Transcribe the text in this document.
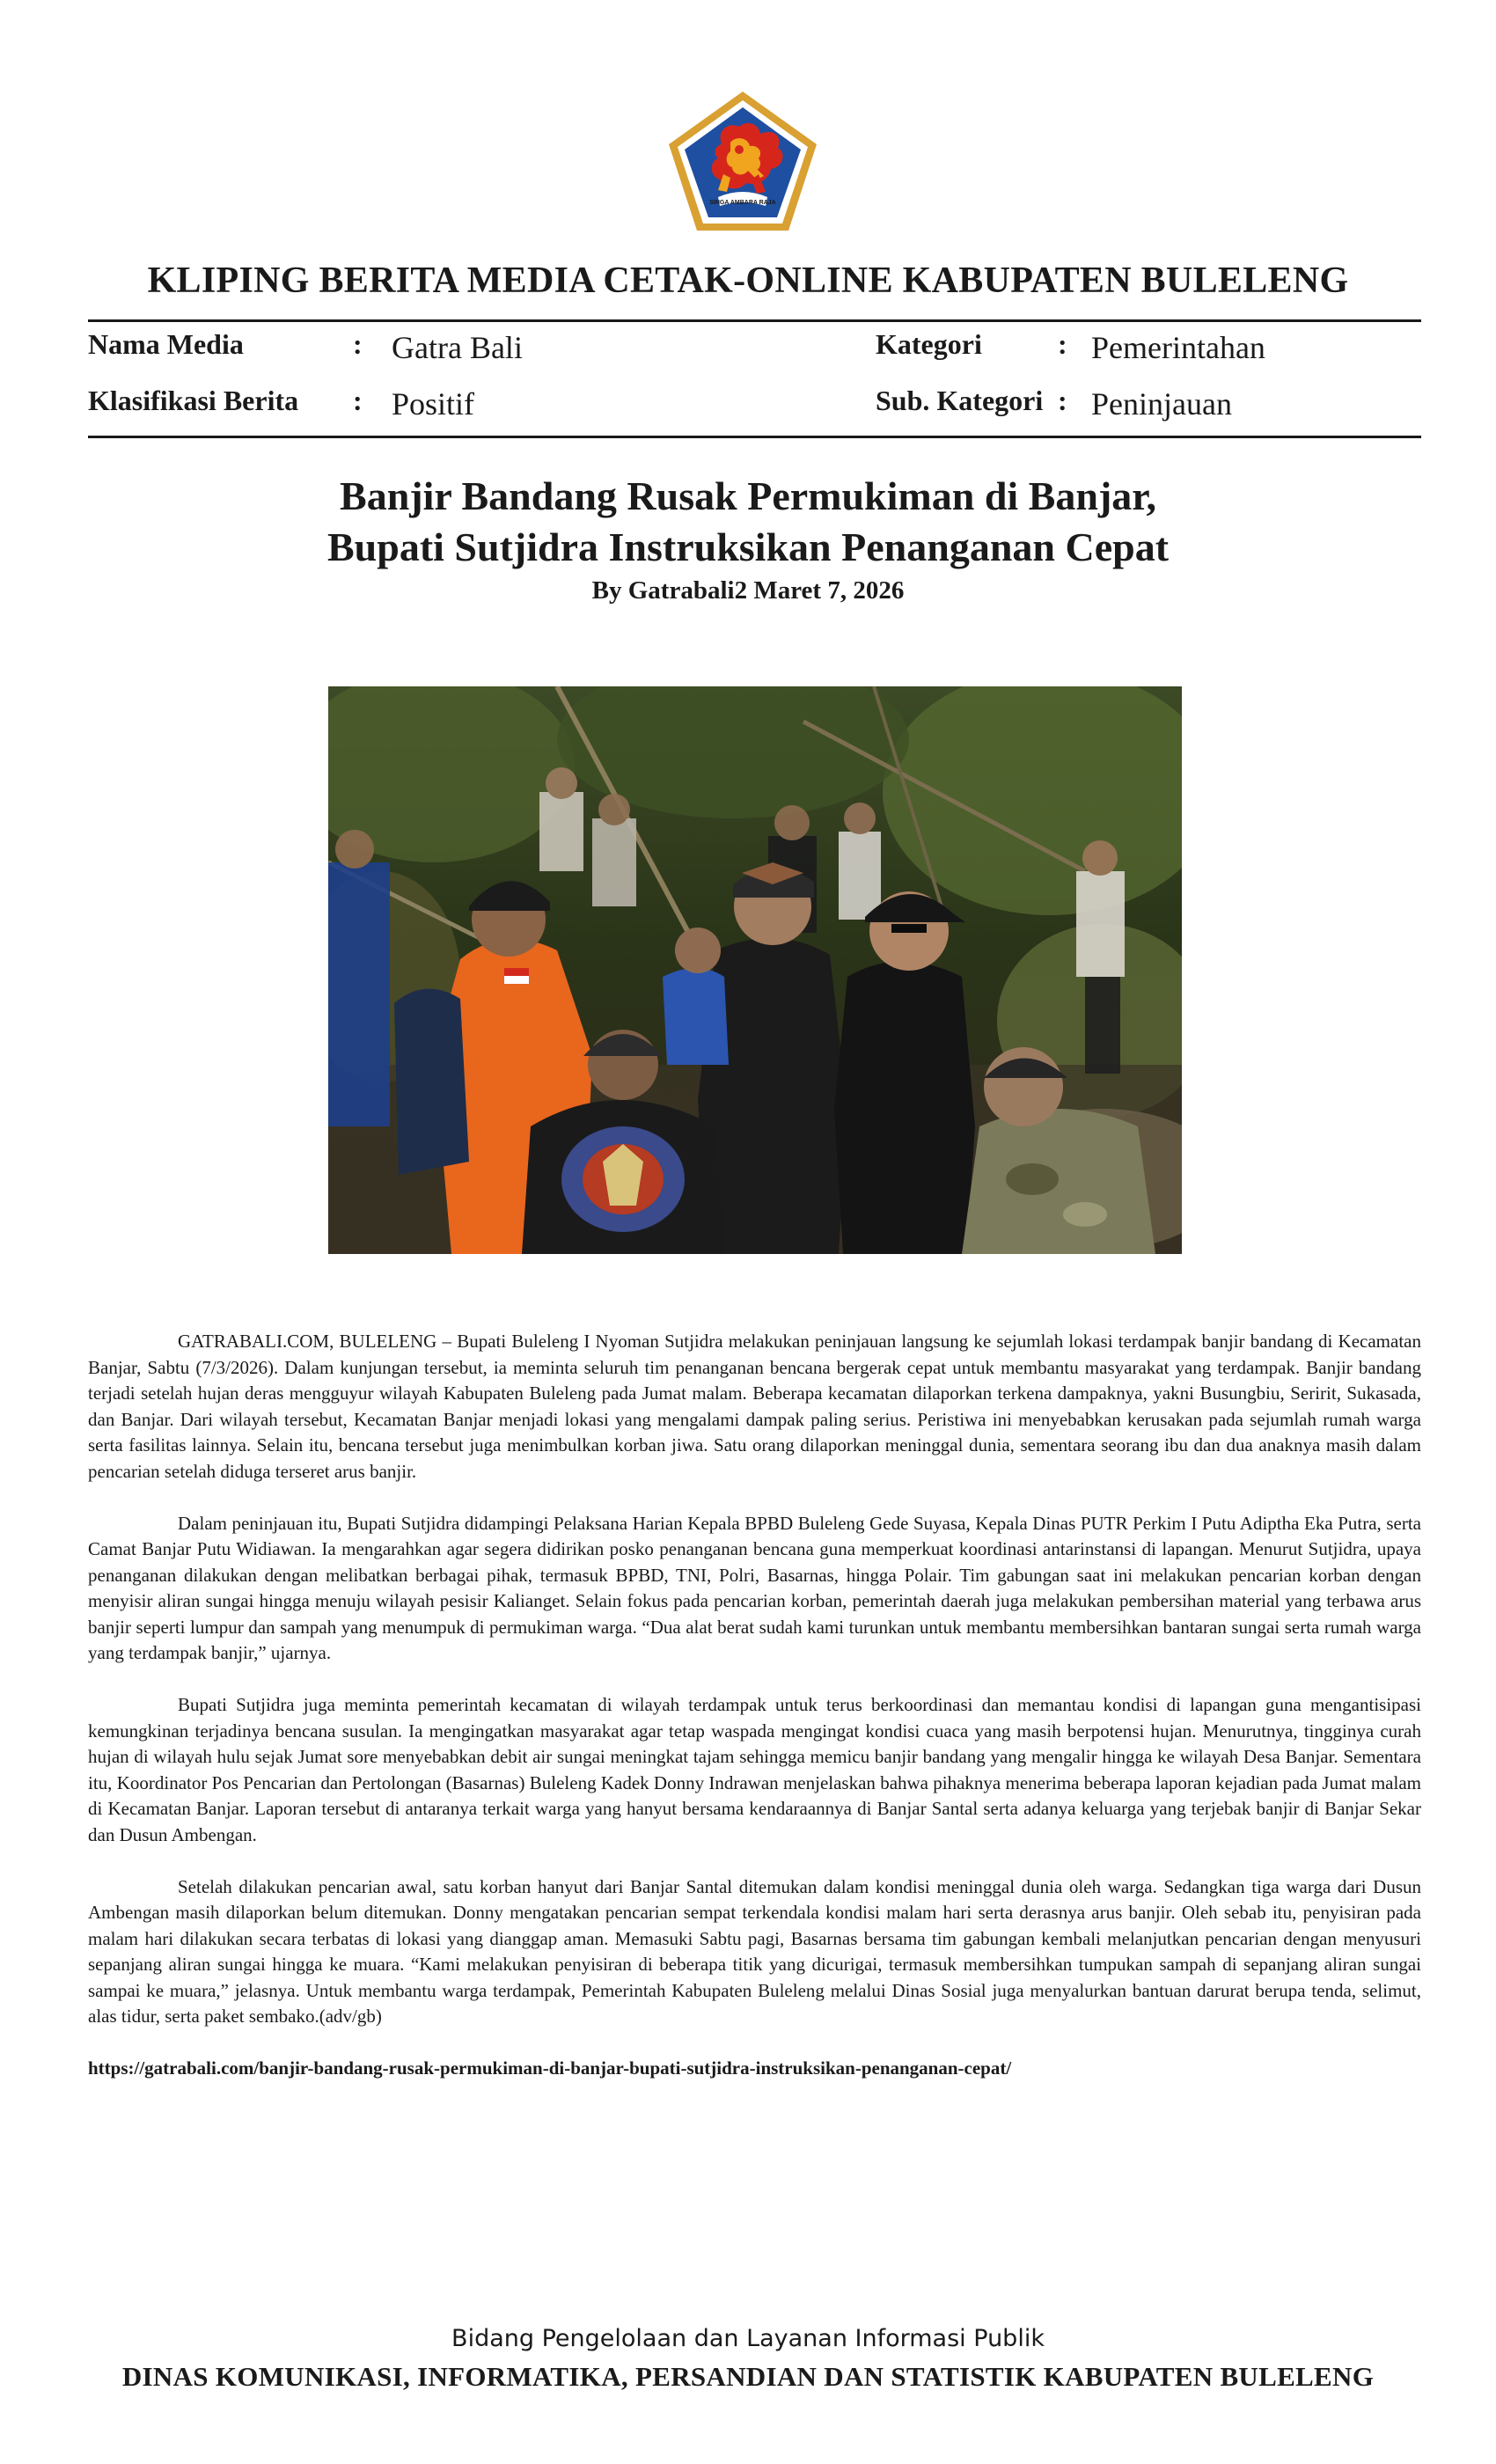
SINGA AMBARA RAJA
KLIPING BERITA MEDIA CETAK-ONLINE KABUPATEN BULELENG
Nama Media	: Gatra Bali
Klasifikasi Berita : Positif
Kategori	: Pemerintahan
Sub. Kategori : Peninjauan
Banjir Bandang Rusak Permukiman di Banjar,
Bupati Sutjidra Instruksikan Penanganan Cepat
By Gatrabali2 Maret 7, 2026

GATRABALI.COM, BULELENG – Bupati Buleleng I Nyoman Sutjidra melakukan peninjauan langsung ke sejumlah lokasi terdampak banjir bandang di Kecamatan Banjar, Sabtu (7/3/2026). Dalam kunjungan tersebut, ia meminta seluruh tim penanganan bencana bergerak cepat untuk membantu masyarakat yang terdampak. Banjir bandang terjadi setelah hujan deras mengguyur wilayah Kabupaten Buleleng pada Jumat malam. Beberapa kecamatan dilaporkan terkena dampaknya, yakni Busungbiu, Seririt, Sukasada, dan Banjar. Dari wilayah tersebut, Kecamatan Banjar menjadi lokasi yang mengalami dampak paling serius. Peristiwa ini menyebabkan kerusakan pada sejumlah rumah warga serta fasilitas lainnya. Selain itu, bencana tersebut juga menimbulkan korban jiwa. Satu orang dilaporkan meninggal dunia, sementara seorang ibu dan dua anaknya masih dalam pencarian setelah diduga terseret arus banjir.

Dalam peninjauan itu, Bupati Sutjidra didampingi Pelaksana Harian Kepala BPBD Buleleng Gede Suyasa, Kepala Dinas PUTR Perkim I Putu Adiptha Eka Putra, serta Camat Banjar Putu Widiawan. Ia mengarahkan agar segera didirikan posko penanganan bencana guna memperkuat koordinasi antarinstansi di lapangan. Menurut Sutjidra, upaya penanganan dilakukan dengan melibatkan berbagai pihak, termasuk BPBD, TNI, Polri, Basarnas, hingga Polair. Tim gabungan saat ini melakukan pencarian korban dengan menyisir aliran sungai hingga menuju wilayah pesisir Kalianget. Selain fokus pada pencarian korban, pemerintah daerah juga melakukan pembersihan material yang terbawa arus banjir seperti lumpur dan sampah yang menumpuk di permukiman warga. “Dua alat berat sudah kami turunkan untuk membantu membersihkan bantaran sungai serta rumah warga yang terdampak banjir,” ujarnya.

Bupati Sutjidra juga meminta pemerintah kecamatan di wilayah terdampak untuk terus berkoordinasi dan memantau kondisi di lapangan guna mengantisipasi kemungkinan terjadinya bencana susulan. Ia mengingatkan masyarakat agar tetap waspada mengingat kondisi cuaca yang masih berpotensi hujan. Menurutnya, tingginya curah hujan di wilayah hulu sejak Jumat sore menyebabkan debit air sungai meningkat tajam sehingga memicu banjir bandang yang mengalir hingga ke wilayah Desa Banjar. Sementara itu, Koordinator Pos Pencarian dan Pertolongan (Basarnas) Buleleng Kadek Donny Indrawan menjelaskan bahwa pihaknya menerima beberapa laporan kejadian pada Jumat malam di Kecamatan Banjar. Laporan tersebut di antaranya terkait warga yang hanyut bersama kendaraannya di Banjar Santal serta adanya keluarga yang terjebak banjir di Banjar Sekar dan Dusun Ambengan.

Setelah dilakukan pencarian awal, satu korban hanyut dari Banjar Santal ditemukan dalam kondisi meninggal dunia oleh warga. Sedangkan tiga warga dari Dusun Ambengan masih dilaporkan belum ditemukan. Donny mengatakan pencarian sempat terkendala kondisi malam hari serta derasnya arus banjir. Oleh sebab itu, penyisiran pada malam hari dilakukan secara terbatas di lokasi yang dianggap aman. Memasuki Sabtu pagi, Basarnas bersama tim gabungan kembali melanjutkan pencarian dengan menyusuri sepanjang aliran sungai hingga ke muara. “Kami melakukan penyisiran di beberapa titik yang dicurigai, termasuk membersihkan tumpukan sampah di sepanjang aliran sungai sampai ke muara,” jelasnya. Untuk membantu warga terdampak, Pemerintah Kabupaten Buleleng melalui Dinas Sosial juga menyalurkan bantuan darurat berupa tenda, selimut, alas tidur, serta paket sembako.(adv/gb)

https://gatrabali.com/banjir-bandang-rusak-permukiman-di-banjar-bupati-sutjidra-instruksikan-penanganan-cepat/

Bidang Pengelolaan dan Layanan Informasi Publik
DINAS KOMUNIKASI, INFORMATIKA, PERSANDIAN DAN STATISTIK KABUPATEN BULELENG
